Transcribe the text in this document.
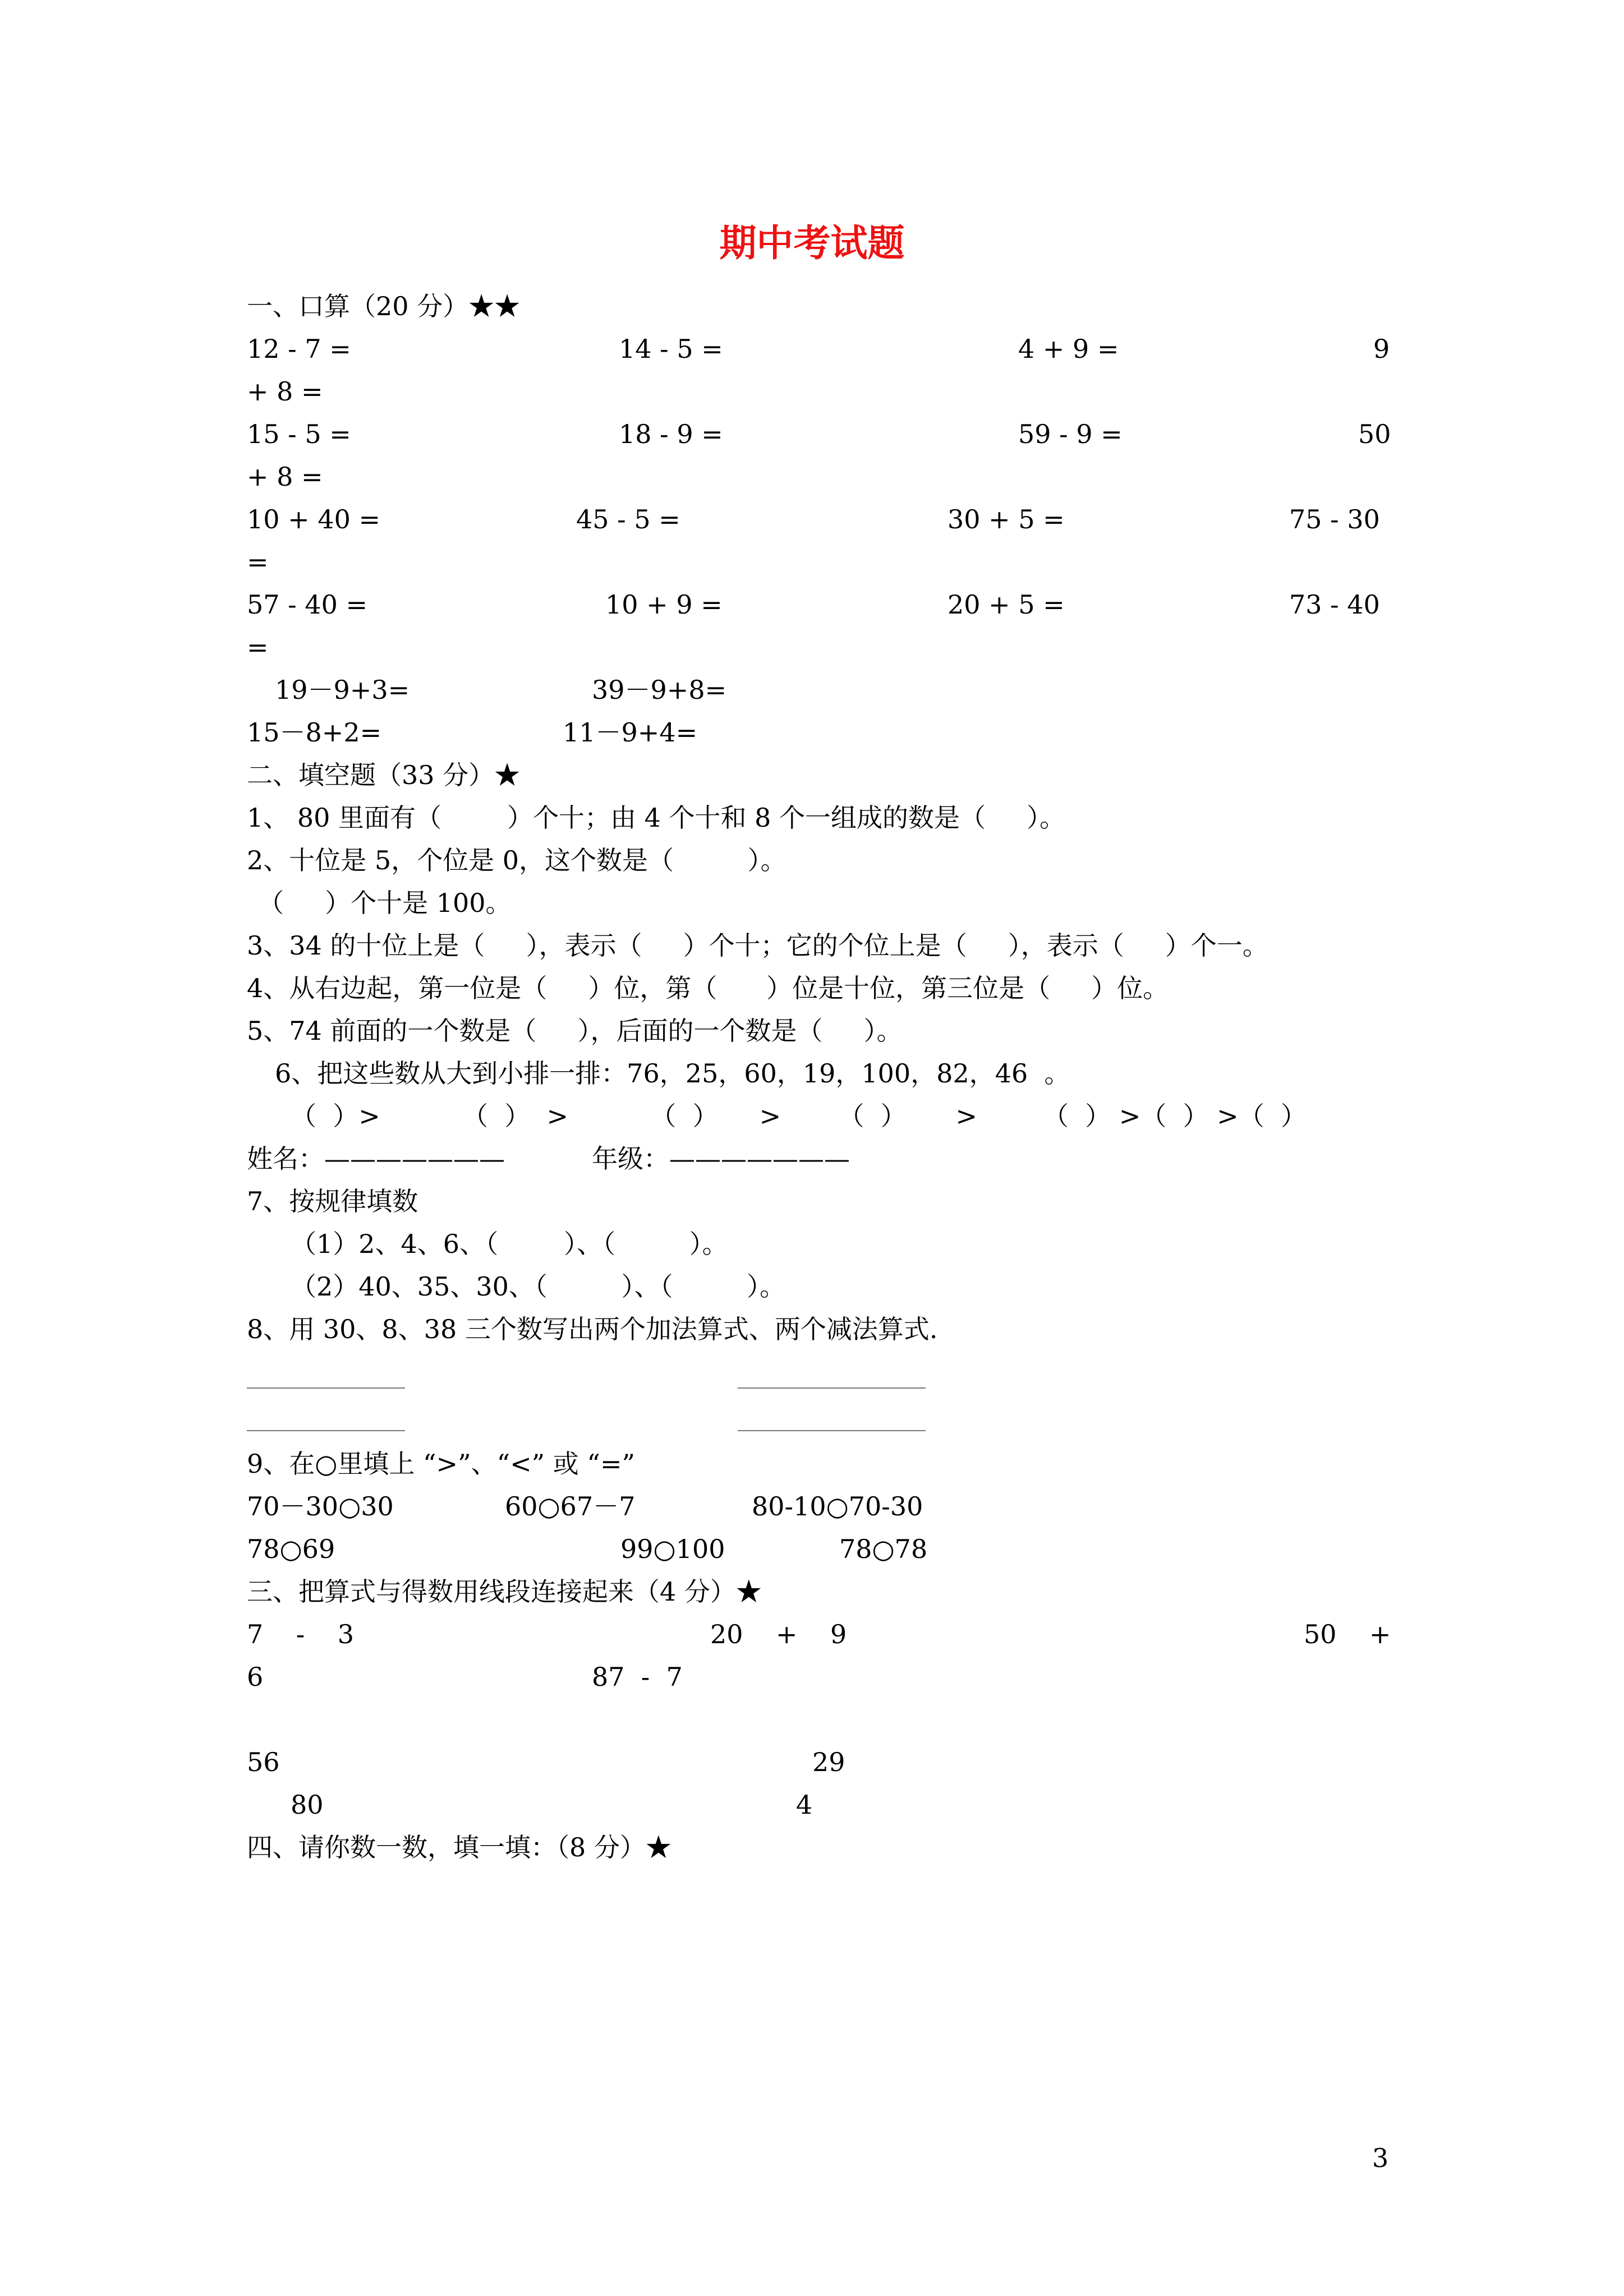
期中考试题
一、口算（20 分）★★
12 - 7 =	14 - 5 =	4 + 9 =	9
+ 8 =
15 - 5 =	18 - 9 =	59 - 9 =	50
+ 8 =
10 + 40 =	45 - 5 =	30 + 5 =	75 - 30
=
57 - 40 =	10 + 9 =	20 + 5 =	73 - 40
=
19－9+3=	39－9+8=
15－8+2=	11－9+4=
二、填空题（33 分）★
1、 80 里面有（        ）个十；由 4 个十和 8 个一组成的数是（     ）。
2、十位是 5，个位是 0，这个数是（         ）。
（     ）个十是 100。
3、34 的十位上是（     ），表示（     ）个十；它的个位上是（     ），表示（     ）个一。
4、从右边起，第一位是（     ）位，第（      ）位是十位，第三位是（     ）位。
5、74 前面的一个数是（     ），后面的一个数是（     ）。
6、把这些数从大到小排一排：76，25，60，19，100，82，46  。
（  ）>          （  ）  >          （  ）     >       （  ）      >        （  ） >（  ） >（  ）
姓名：———————	年级：———————
7、按规律填数
（1）2、4、6、（        ）、（         ）。
（2）40、35、30、（         ）、（         ）。
8、用 30、8、38 三个数写出两个加法算式、两个减法算式.
9、在○里填上 “>”、“<” 或 “=”
70－30○30	60○67－7	80-10○70-30
78○69	99○100	78○78
三、把算式与得数用线段连接起来（4 分）★
7    -    3	20    +    9	50    +
6	87  -  7
56	29
80	4
四、请你数一数，填一填：（8 分）★
3
